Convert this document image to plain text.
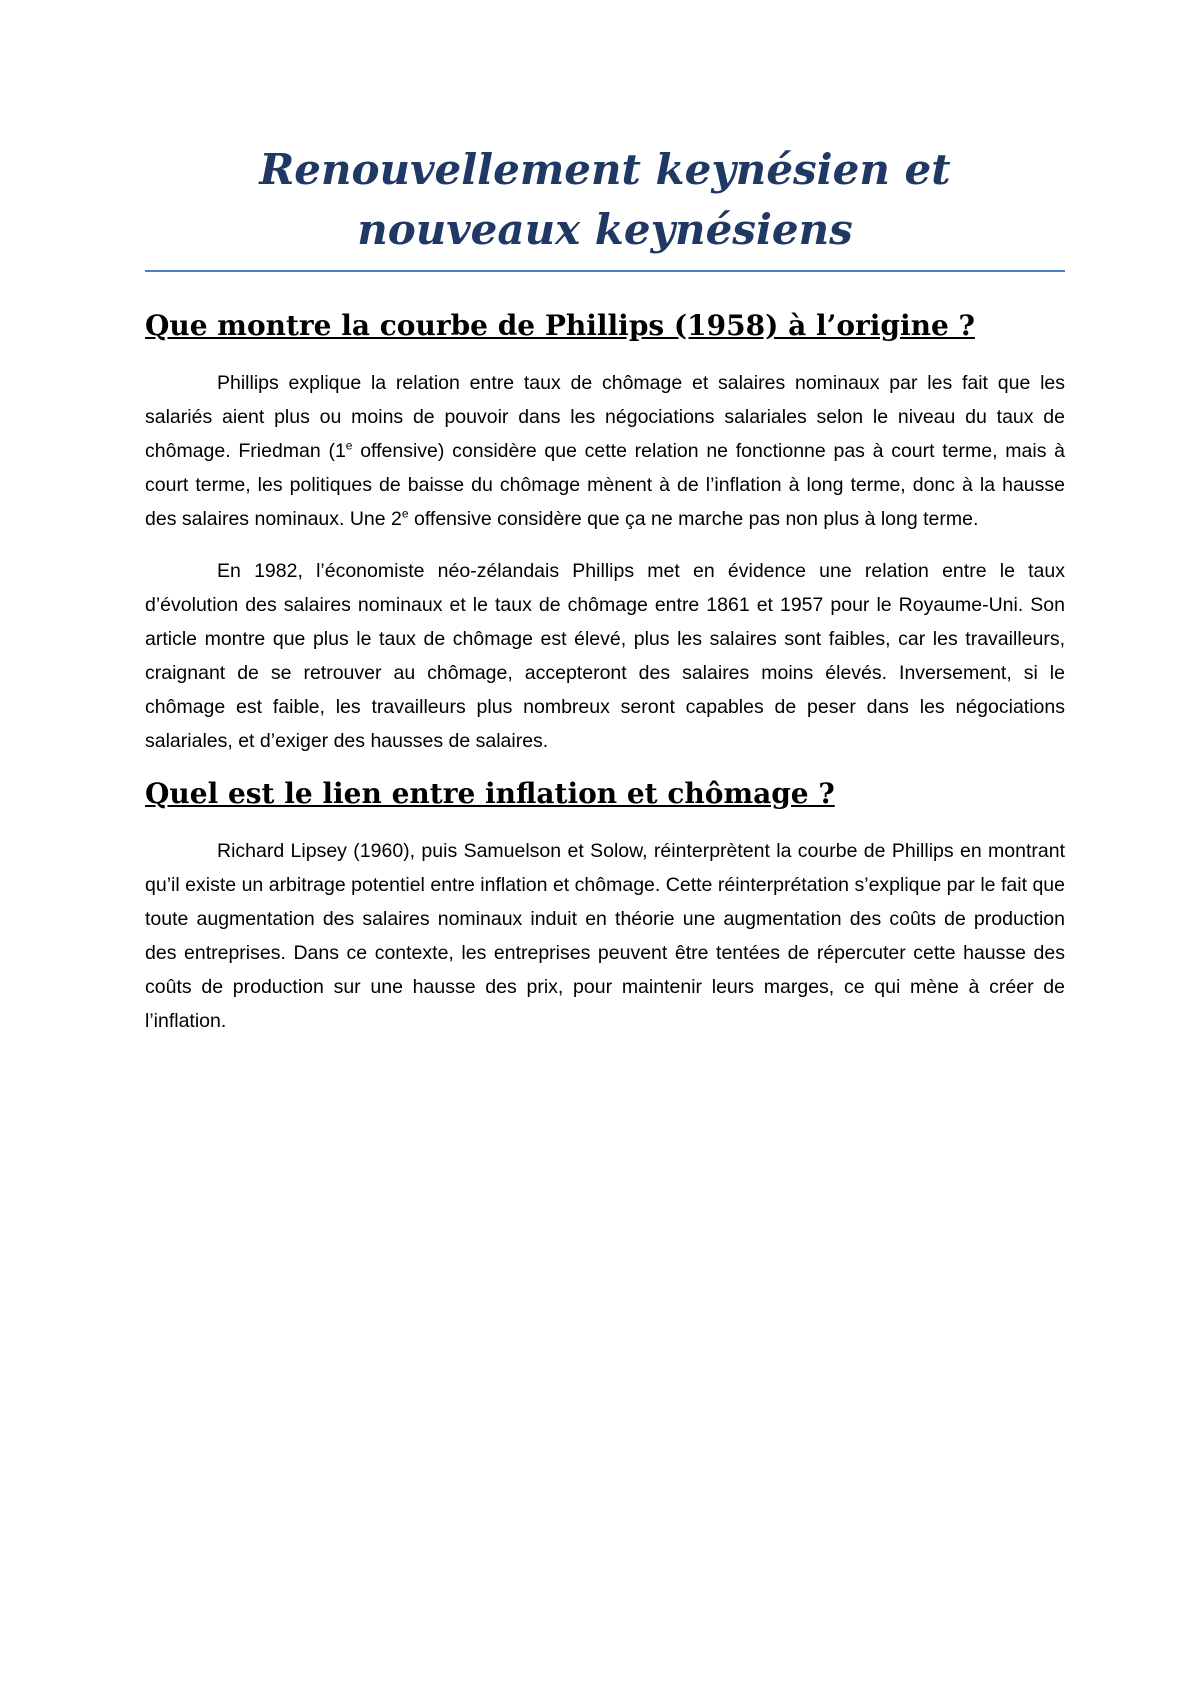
Renouvellement keynésien et nouveaux keynésiens
Que montre la courbe de Phillips (1958) à l’origine ?

Phillips explique la relation entre taux de chômage et salaires nominaux par les fait que les salariés aient plus ou moins de pouvoir dans les négociations salariales selon le niveau du taux de chômage. Friedman (1e offensive) considère que cette relation ne fonctionne pas à court terme, mais à court terme, les politiques de baisse du chômage mènent à de l’inflation à long terme, donc à la hausse des salaires nominaux. Une 2e offensive considère que ça ne marche pas non plus à long terme.

En 1982, l’économiste néo-zélandais Phillips met en évidence une relation entre le taux d’évolution des salaires nominaux et le taux de chômage entre 1861 et 1957 pour le Royaume-Uni. Son article montre que plus le taux de chômage est élevé, plus les salaires sont faibles, car les travailleurs, craignant de se retrouver au chômage, accepteront des salaires moins élevés. Inversement, si le chômage est faible, les travailleurs plus nombreux seront capables de peser dans les négociations salariales, et d’exiger des hausses de salaires.

Quel est le lien entre inflation et chômage ?

Richard Lipsey (1960), puis Samuelson et Solow, réinterprètent la courbe de Phillips en montrant qu’il existe un arbitrage potentiel entre inflation et chômage. Cette réinterprétation s’explique par le fait que toute augmentation des salaires nominaux induit en théorie une augmentation des coûts de production des entreprises. Dans ce contexte, les entreprises peuvent être tentées de répercuter cette hausse des coûts de production sur une hausse des prix, pour maintenir leurs marges, ce qui mène à créer de l’inflation.
